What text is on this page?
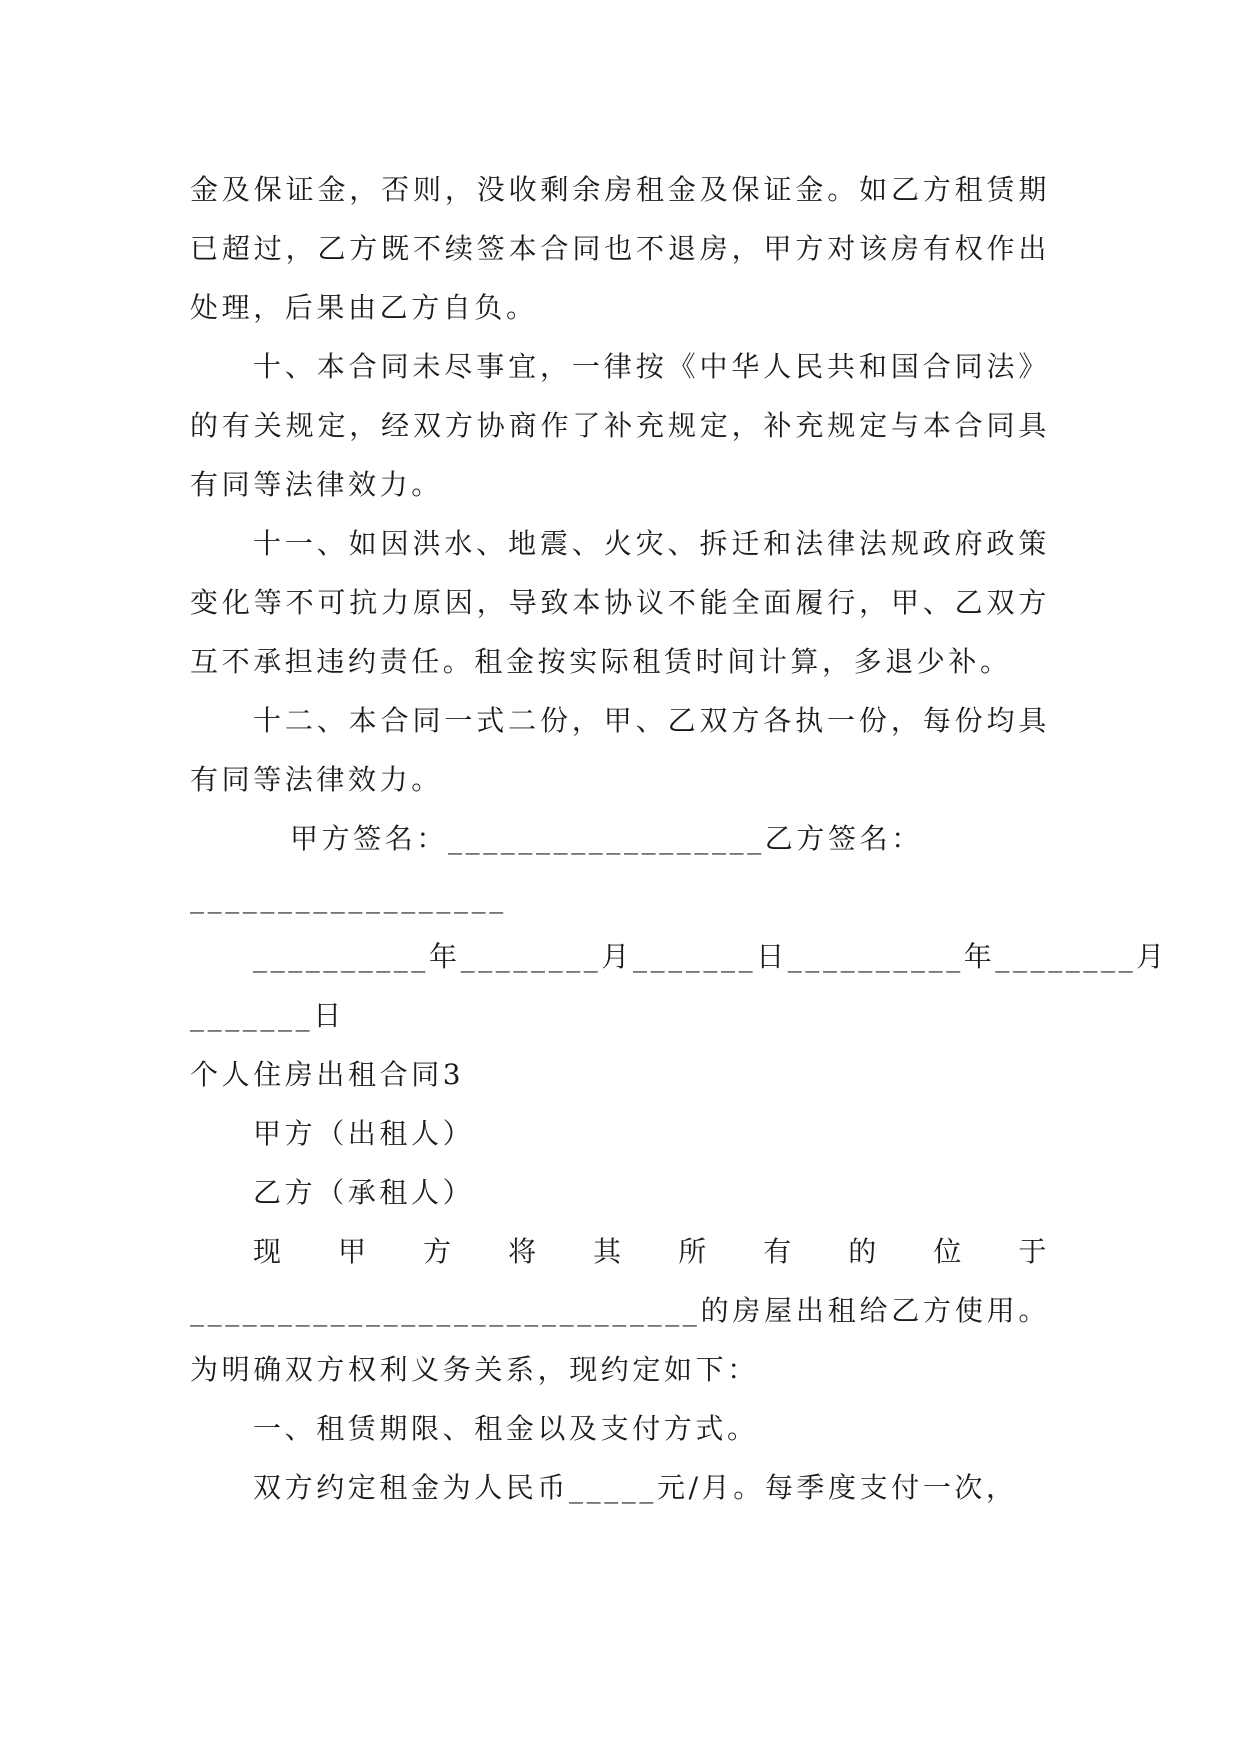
金及保证金，否则，没收剩余房租金及保证金。如乙方租赁期已超过，乙方既不续签本合同也不退房，甲方对该房有权作出处理，后果由乙方自负。

十、本合同未尽事宜，一律按《中华人民共和国合同法》的有关规定，经双方协商作了补充规定，补充规定与本合同具有同等法律效力。

十一、如因洪水、地震、火灾、拆迁和法律法规政府政策变化等不可抗力原因，导致本协议不能全面履行，甲、乙双方互不承担违约责任。租金按实际租赁时间计算，多退少补。

十二、本合同一式二份，甲、乙双方各执一份，每份均具有同等法律效力。

甲方签名：__________________乙方签名：

__________________

__________年________月_______日__________年________月

_______日

个人住房出租合同3

甲方（出租人）

乙方（承租人）

现甲方将其所有的位于_____________________________的房屋出租给乙方使用。为明确双方权利义务关系，现约定如下：

一、租赁期限、租金以及支付方式。

双方约定租金为人民币_____元/月。每季度支付一次，
